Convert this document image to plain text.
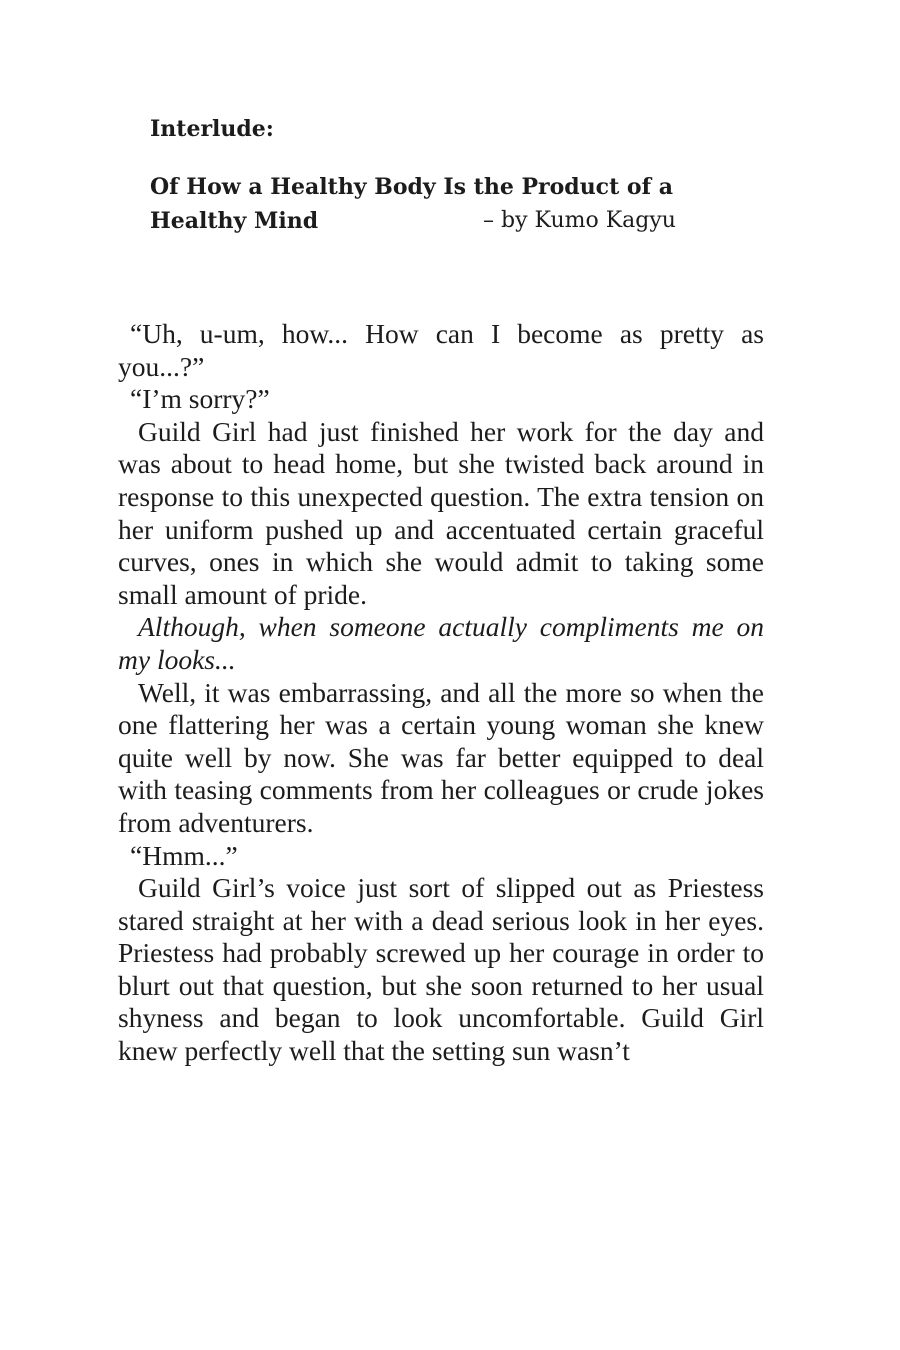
Interlude:
Of How a Healthy Body Is the Product of a
Healthy Mind	– by Kumo Kagyu

“Uh, u-um, how... How can I become as pretty as you...?”

“I’m sorry?”

Guild Girl had just finished her work for the day and was about to head home, but she twisted back around in response to this unexpected question. The extra tension on her uniform pushed up and accentuated certain graceful curves, ones in which she would admit to taking some small amount of pride.

Although, when someone actually compliments me on my looks...

Well, it was embarrassing, and all the more so when the one flattering her was a certain young woman she knew quite well by now. She was far better equipped to deal with teasing comments from her colleagues or crude jokes from adventurers.

“Hmm...”

Guild Girl’s voice just sort of slipped out as Priestess stared straight at her with a dead serious look in her eyes. Priestess had probably screwed up her courage in order to blurt out that question, but she soon returned to her usual shyness and began to look uncomfortable. Guild Girl knew perfectly well that the setting sun wasn’t
